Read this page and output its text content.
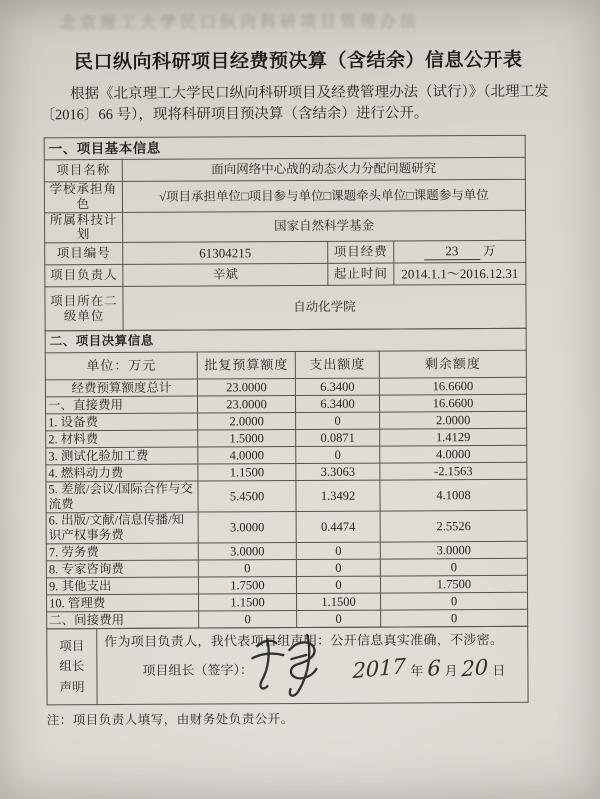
北京理工大学民口纵向科研项目管理办法
民口纵向科研项目经费预决算（含结余）信息公开表

根据《北京理工大学民口纵向科研项目及经费管理办法（试行）》（北理工发〔2016〕66 号），现将科研项目预决算（含结余）进行公开。

一、项目基本信息			
项目名称	面向网络中心战的动态火力分配问题研究		
学校承担角色	√项目承担单位□项目参与单位□课题牵头单位□课题参与单位		
所属科技计划	国家自然科学基金		
项目编号	61304215	项目经费	23 万
项目负责人	辛斌	起止时间	2014.1.1～2016.12.31
项目所在二级单位	自动化学院		
二、项目决算信息			
单位：万元	批复预算额度	支出额度	剩余额度
经费预算额度总计	23.0000	6.3400	16.6600
一、直接费用	23.0000	6.3400	16.6600
1. 设备费	2.0000	0	2.0000
2. 材料费	1.5000	0.0871	1.4129
3. 测试化验加工费	4.0000	0	4.0000
4. 燃料动力费	1.1500	3.3063	-2.1563
5. 差旅/会议/国际合作与交流费	5.4500	1.3492	4.1008
6. 出版/文献/信息传播/知识产权事务费	3.0000	0.4474	2.5526
7. 劳务费	3.0000	0	3.0000
8. 专家咨询费	0	0	0
9. 其他支出	1.7500	0	1.7500
10. 管理费	1.1500	1.1500	0
二、间接费用	0	0	0
项目
组长
声明	
作为项目负责人，我代表项目组声明：公开信息真实准确，不涉密。
项目组长（签字）：	2017 年 6 月 20 日
注：项目负责人填写，由财务处负责公开。
